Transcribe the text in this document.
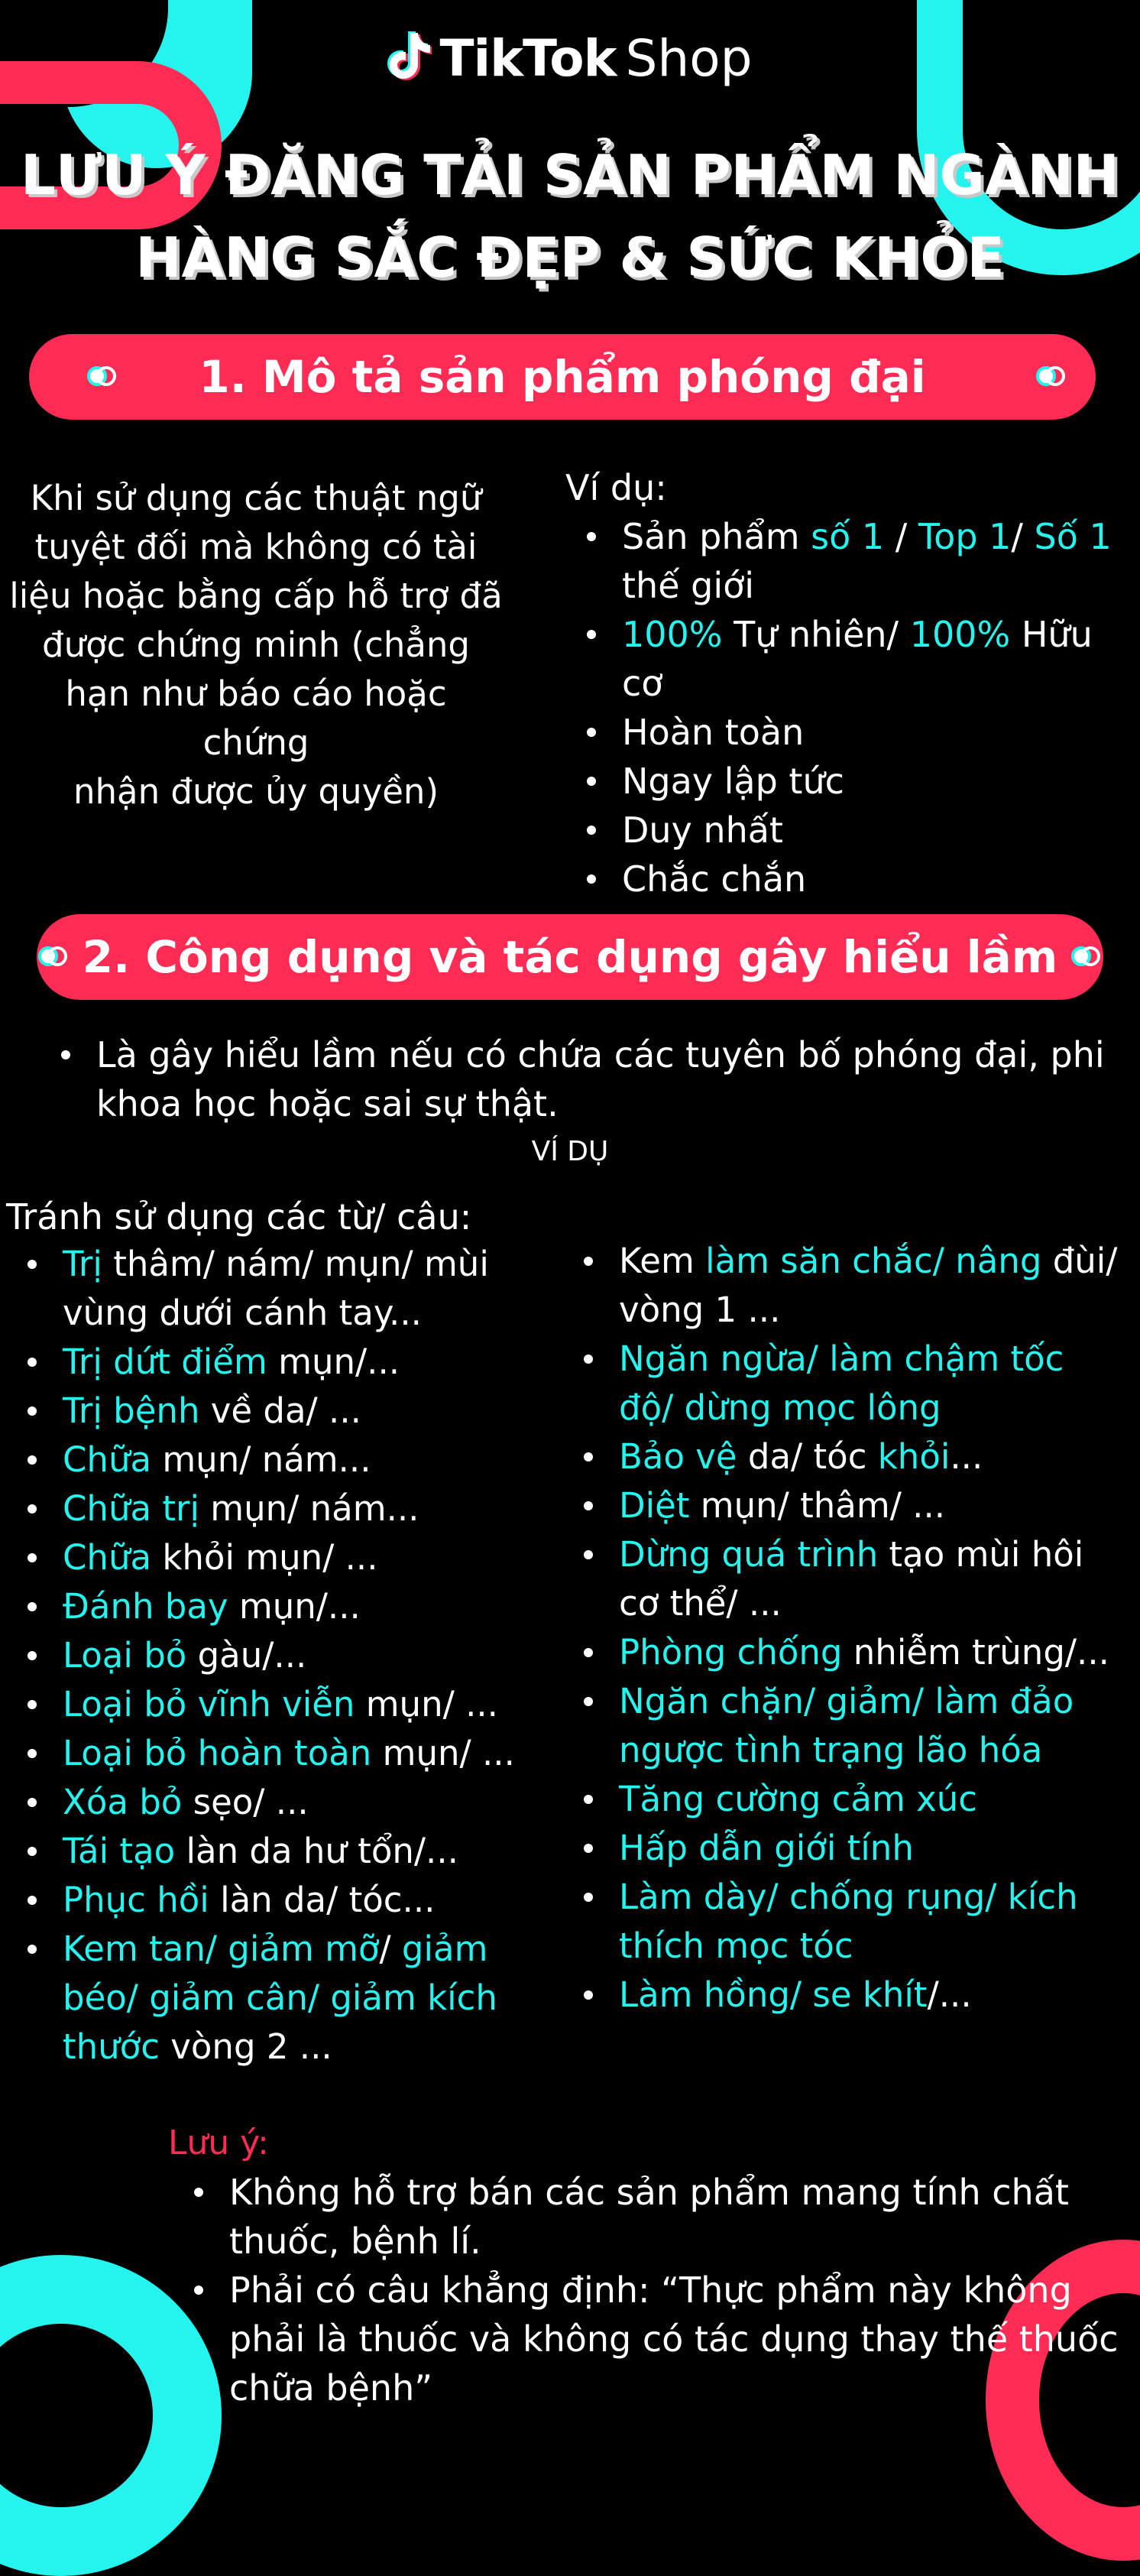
TikTok Shop
LƯU Ý ĐĂNG TẢI SẢN PHẨM NGÀNH
HÀNG SẮC ĐẸP & SỨC KHỎE
1. Mô tả sản phẩm phóng đại
Khi sử dụng các thuật ngữ
tuyệt đối mà không có tài
liệu hoặc bằng cấp hỗ trợ đã
được chứng minh (chẳng
hạn như báo cáo hoặc chứng
nhận được ủy quyền)
Ví dụ:
Sản phẩm số 1 / Top 1/ Số 1 thế giới
100% Tự nhiên/ 100% Hữu cơ
Hoàn toàn
Ngay lập tức
Duy nhất
Chắc chắn
2. Công dụng và tác dụng gây hiểu lầm
Là gây hiểu lầm nếu có chứa các tuyên bố phóng đại, phi khoa học hoặc sai sự thật.
VÍ DỤ
Tránh sử dụng các từ/ câu:
Trị thâm/ nám/ mụn/ mùi vùng dưới cánh tay...
Trị dứt điểm mụn/...
Trị bệnh về da/ ...
Chữa mụn/ nám...
Chữa trị mụn/ nám...
Chữa khỏi mụn/ ...
Đánh bay mụn/...
Loại bỏ gàu/...
Loại bỏ vĩnh viễn mụn/ ...
Loại bỏ hoàn toàn mụn/ ...
Xóa bỏ sẹo/ ...
Tái tạo làn da hư tổn/...
Phục hồi làn da/ tóc...
Kem tan/ giảm mỡ/ giảm béo/ giảm cân/ giảm kích thước vòng 2 ...
Kem làm săn chắc/ nâng đùi/ vòng 1 ...
Ngăn ngừa/ làm chậm tốc độ/ dừng mọc lông
Bảo vệ da/ tóc khỏi...
Diệt mụn/ thâm/ ...
Dừng quá trình tạo mùi hôi cơ thể/ ...
Phòng chống nhiễm trùng/...
Ngăn chặn/ giảm/ làm đảo ngược tình trạng lão hóa
Tăng cường cảm xúc
Hấp dẫn giới tính
Làm dày/ chống rụng/ kích thích mọc tóc
Làm hồng/ se khít/...
Lưu ý:
Không hỗ trợ bán các sản phẩm mang tính chất thuốc, bệnh lí.
Phải có câu khẳng định: “Thực phẩm này không phải là thuốc và không có tác dụng thay thế thuốc chữa bệnh”
